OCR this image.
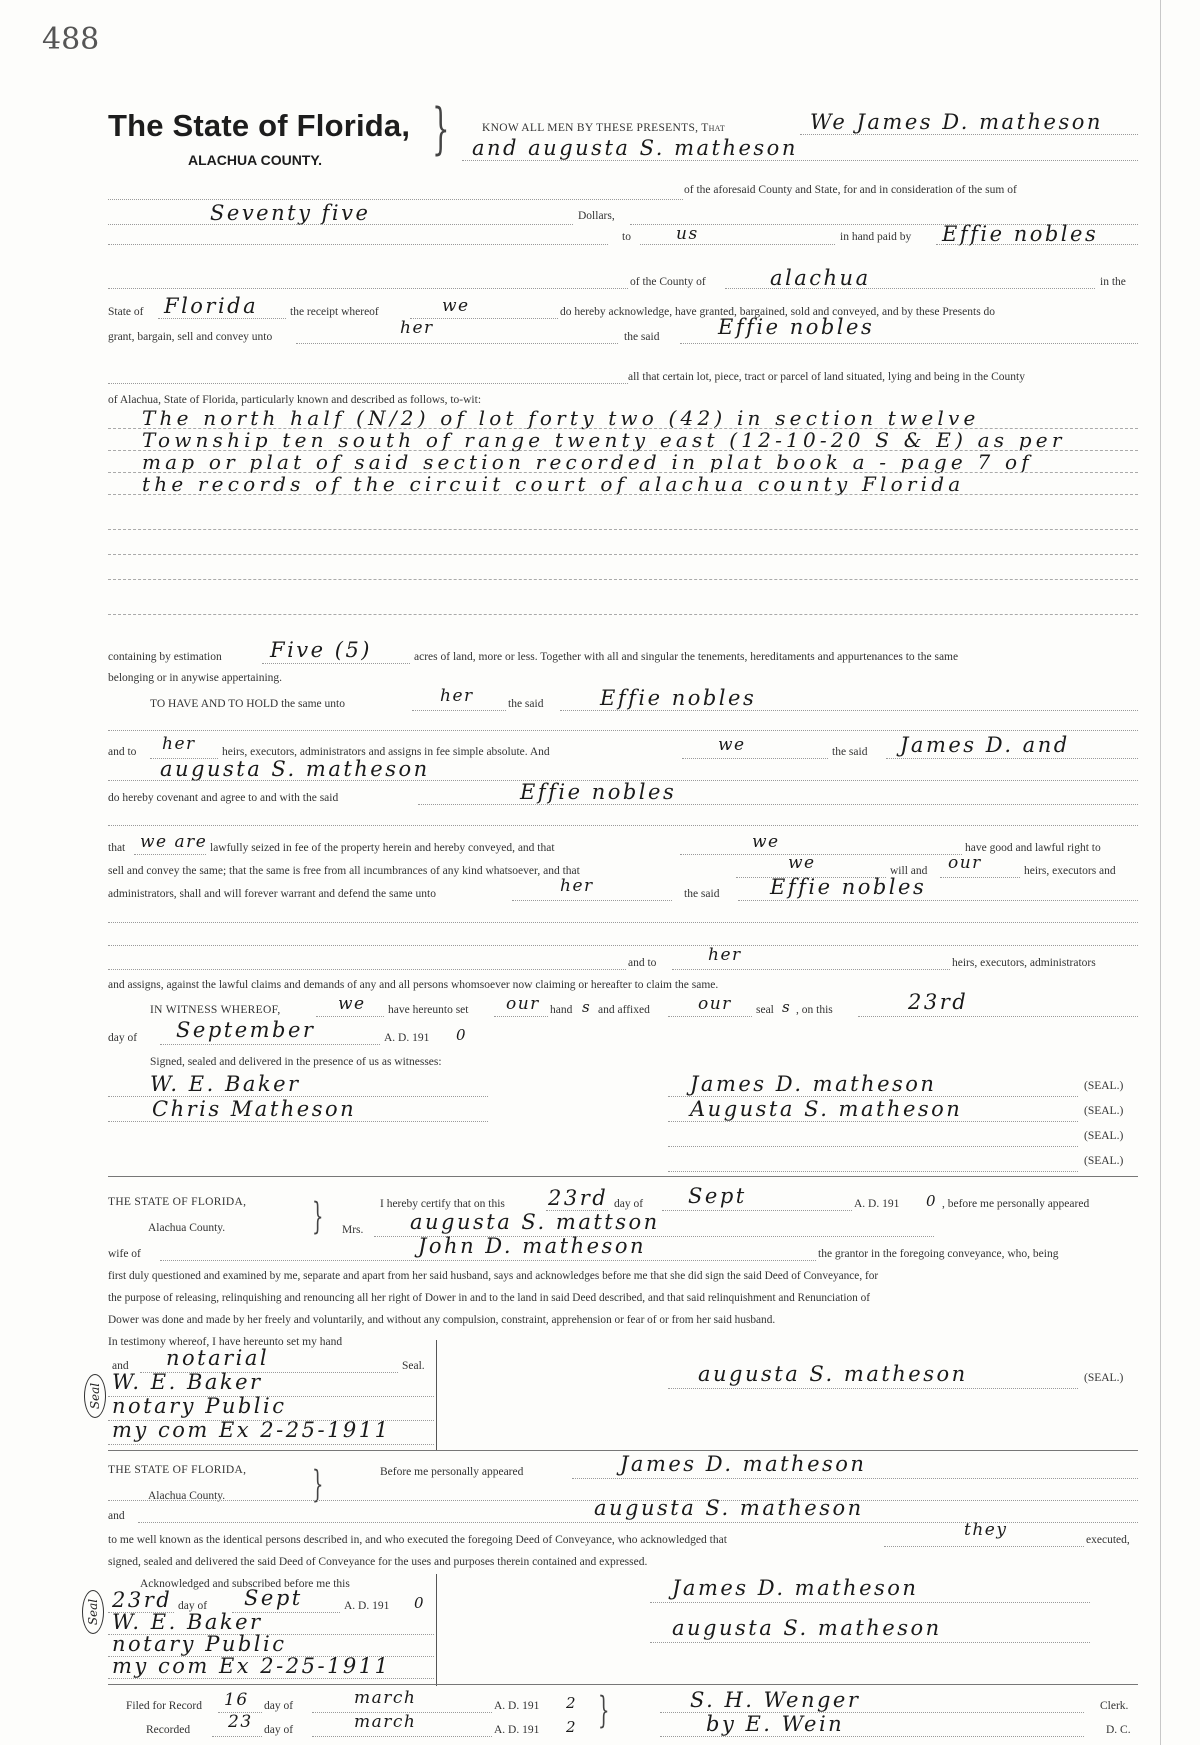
488
The State of Florida,
ALACHUA COUNTY. }	KNOW ALL MEN BY THESE PRESENTS, That	We James D. matheson
and augusta S. matheson
of the aforesaid County and State, for and in consideration of the sum of
Seventy five	Dollars,
to	us	in hand paid by Effie nobles
of the County of	alachua	in the
State of Florida	the receipt whereof	we	do hereby acknowledge, have granted, bargained, sold and conveyed, and by these Presents do
grant, bargain, sell and convey unto	her	the said	Effie nobles
all that certain lot, piece, tract or parcel of land situated, lying and being in the County
of Alachua, State of Florida, particularly known and described as follows, to-wit:
The north half (N/2) of lot forty two (42) in section twelve
Township ten south of range twenty east (12-10-20 S & E) as per
map or plat of said section recorded in plat book a - page 7 of
the records of the circuit court of alachua county Florida
containing by estimation Five (5)	acres of land, more or less. Together with all and singular the tenements, hereditaments and appurtenances to the same
belonging or in anywise appertaining.
TO HAVE AND TO HOLD the same unto	her	the said	Effie nobles
and to her heirs, executors, administrators and assigns in fee simple absolute. And	we	the said James D. and
augusta S. matheson
do hereby covenant and agree to and with the said	Effie nobles
that we are lawfully seized in fee of the property herein and hereby conveyed, and that	we	have good and lawful right to
sell and convey the same; that the same is free from all incumbrances of any kind whatsoever, and that	we	will and our	heirs, executors and
administrators, shall and will forever warrant and defend the same unto	her	the said Effie nobles
and to	her	heirs, executors, administrators
and assigns, against the lawful claims and demands of any and all persons whomsoever now claiming or hereafter to claim the same.
IN WITNESS WHEREOF,	we have hereunto set our hand s and affixed	our seal s , on this	23rd
day of September	A. D. 191 0
Signed, sealed and delivered in the presence of us as witnesses:
W. E. Baker
Chris Matheson
James D. matheson	(SEAL.)
Augusta S. matheson	(SEAL.)
(SEAL.)
(SEAL.)
THE STATE OF FLORIDA,
Alachua County.	}	I hereby certify that on this 23rd day of Sept	A. D. 191 0 , before me personally appeared
Mrs. augusta S. mattson
wife of	John D. matheson	the grantor in the foregoing conveyance, who, being
first duly questioned and examined by me, separate and apart from her said husband, says and acknowledges before me that she did sign the said Deed of Conveyance, for
the purpose of releasing, relinquishing and renouncing all her right of Dower in and to the land in said Deed described, and that said relinquishment and Renunciation of
Dower was done and made by her freely and voluntarily, and without any compulsion, constraint, apprehension or fear of or from her said husband.
In testimony whereof, I have hereunto set my hand
and notarial	Seal.
W. E. Baker
notary Public
my com Ex 2-25-1911
Seal
augusta S. matheson	(SEAL.)
THE STATE OF FLORIDA,
Alachua County.	}	Before me personally appeared	James D. matheson
and	augusta S. matheson
to me well known as the identical persons described in, and who executed the foregoing Deed of Conveyance, who acknowledged that	they	executed,
signed, sealed and delivered the said Deed of Conveyance for the uses and purposes therein contained and expressed.
Acknowledged and subscribed before me this
23rd day of Sept	A. D. 191 0
W. E. Baker
notary Public
my com Ex 2-25-1911
Seal
James D. matheson
augusta S. matheson
Filed for Record 16 day of	march	A. D. 191 2
Recorded 23 day of	march	A. D. 191 2 }	S. H. Wenger	Clerk.
by E. Wein	D. C.
